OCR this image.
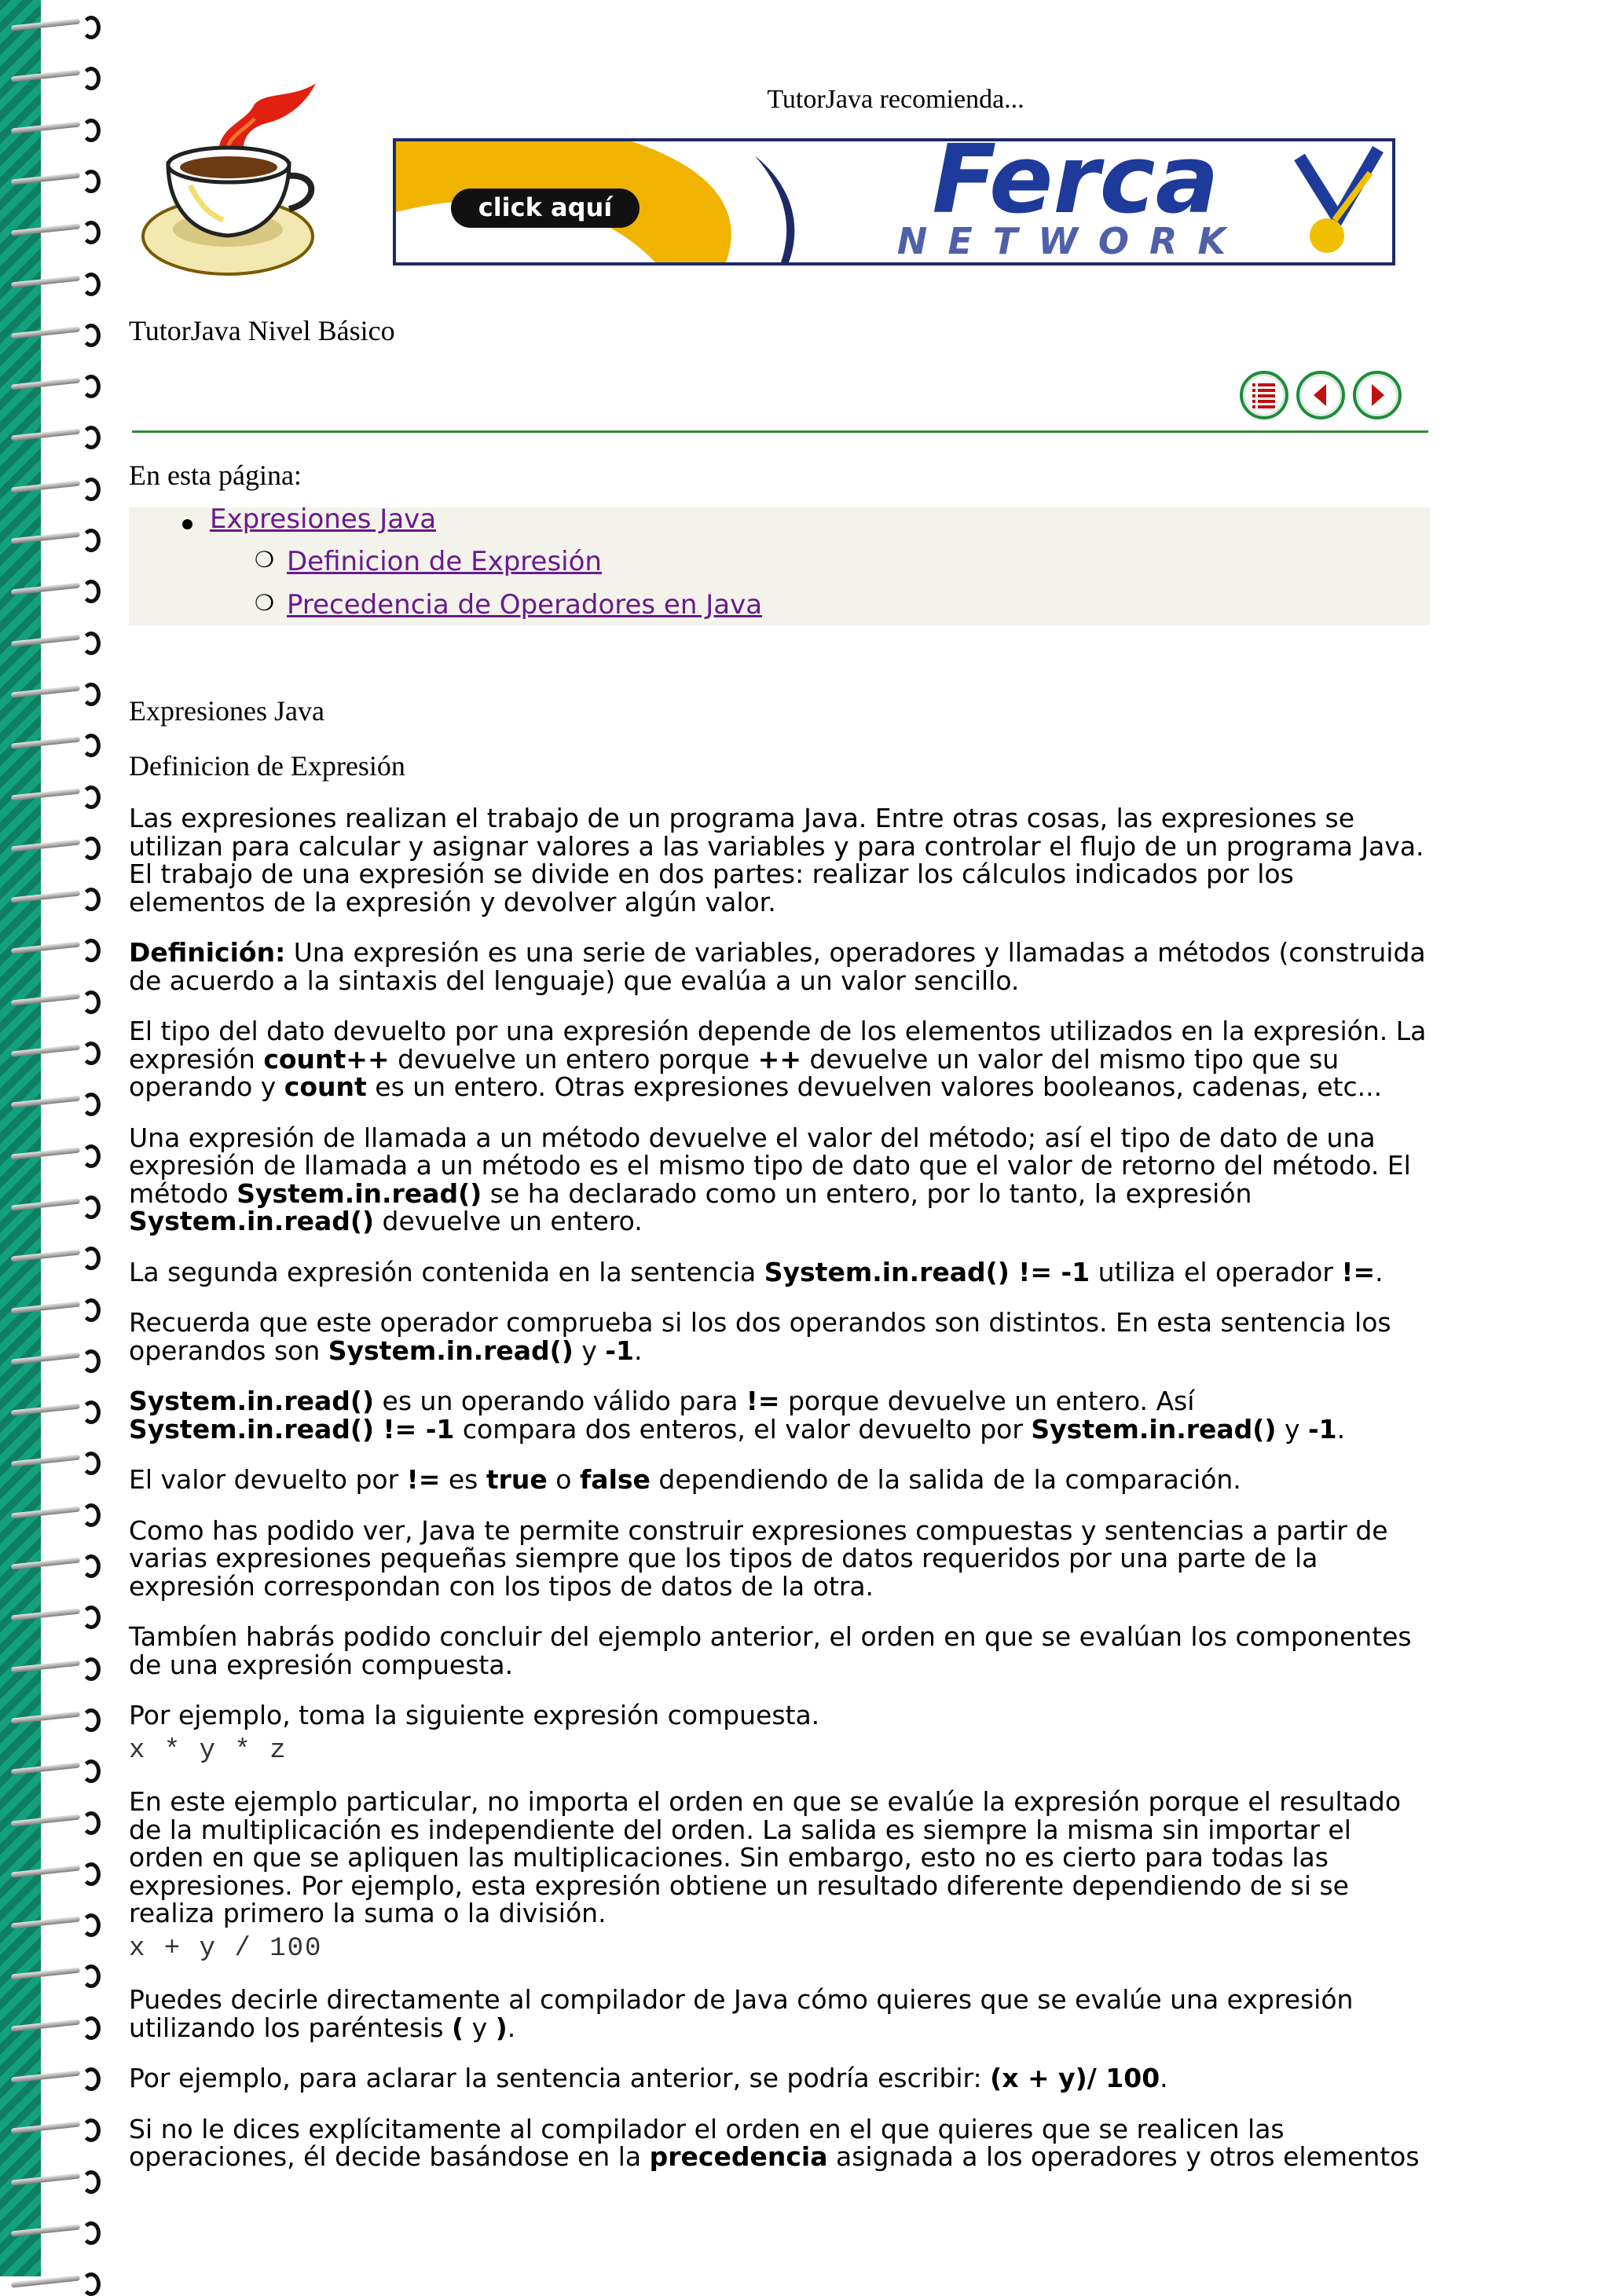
TutorJava recomienda...
click aquí	Ferca
NETWORK
TutorJava Nivel Básico
En esta página:
Expresiones Java
❍ Definicion de Expresión
❍ Precedencia de Operadores en Java
Expresiones Java
Definicion de Expresión

Las expresiones realizan el trabajo de un programa Java. Entre otras cosas, las expresiones se utilizan para calcular y asignar valores a las variables y para controlar el flujo de un programa Java. El trabajo de una expresión se divide en dos partes: realizar los cálculos indicados por los elementos de la expresión y devolver algún valor.

Definición: Una expresión es una serie de variables, operadores y llamadas a métodos (construida de acuerdo a la sintaxis del lenguaje) que evalúa a un valor sencillo.

El tipo del dato devuelto por una expresión depende de los elementos utilizados en la expresión. La expresión count++ devuelve un entero porque ++ devuelve un valor del mismo tipo que su operando y count es un entero. Otras expresiones devuelven valores booleanos, cadenas, etc...

Una expresión de llamada a un método devuelve el valor del método; así el tipo de dato de una expresión de llamada a un método es el mismo tipo de dato que el valor de retorno del método. El método System.in.read() se ha declarado como un entero, por lo tanto, la expresión System.in.read() devuelve un entero.

La segunda expresión contenida en la sentencia System.in.read() != -1 utiliza el operador !=.

Recuerda que este operador comprueba si los dos operandos son distintos. En esta sentencia los operandos son System.in.read() y -1.

System.in.read() es un operando válido para != porque devuelve un entero. Así System.in.read() != -1 compara dos enteros, el valor devuelto por System.in.read() y -1.

El valor devuelto por != es true o false dependiendo de la salida de la comparación.

Como has podido ver, Java te permite construir expresiones compuestas y sentencias a partir de varias expresiones pequeñas siempre que los tipos de datos requeridos por una parte de la expresión correspondan con los tipos de datos de la otra.

Tambíen habrás podido concluir del ejemplo anterior, el orden en que se evalúan los componentes de una expresión compuesta.

Por ejemplo, toma la siguiente expresión compuesta.

x * y * z

En este ejemplo particular, no importa el orden en que se evalúe la expresión porque el resultado de la multiplicación es independiente del orden. La salida es siempre la misma sin importar el orden en que se apliquen las multiplicaciones. Sin embargo, esto no es cierto para todas las expresiones. Por ejemplo, esta expresión obtiene un resultado diferente dependiendo de si se realiza primero la suma o la división.

x + y / 100

Puedes decirle directamente al compilador de Java cómo quieres que se evalúe una expresión utilizando los paréntesis ( y ).

Por ejemplo, para aclarar la sentencia anterior, se podría escribir: (x + y)/ 100.

Si no le dices explícitamente al compilador el orden en el que quieres que se realicen las operaciones, él decide basándose en la precedencia asignada a los operadores y otros elementos
